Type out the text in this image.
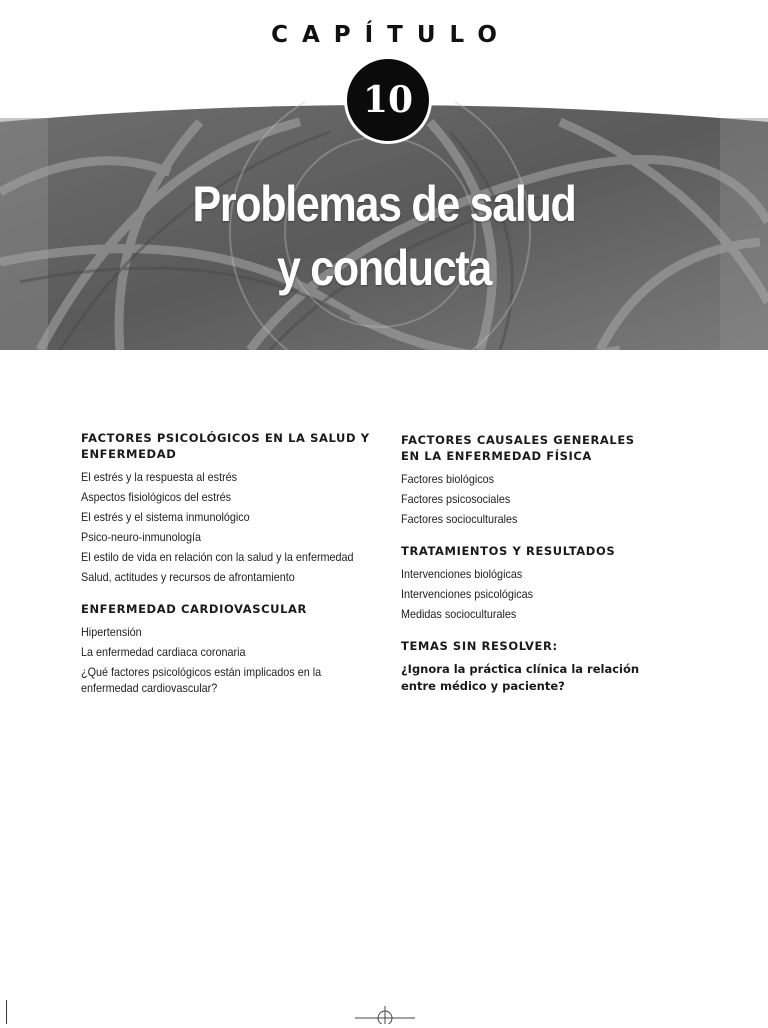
CAPÍTULO
10
Problemas de salud
y conducta
FACTORES PSICOLÓGICOS EN LA SALUD Y ENFERMEDAD
El estrés y la respuesta al estrés
Aspectos fisiológicos del estrés
El estrés y el sistema inmunológico
Psico-neuro-inmunología
El estilo de vida en relación con la salud y la enfermedad
Salud, actitudes y recursos de afrontamiento
ENFERMEDAD CARDIOVASCULAR
Hipertensión
La enfermedad cardiaca coronaria
¿Qué factores psicológicos están implicados en la enfermedad cardiovascular?
FACTORES CAUSALES GENERALES EN LA ENFERMEDAD FÍSICA
Factores biológicos
Factores psicosociales
Factores socioculturales
TRATAMIENTOS Y RESULTADOS
Intervenciones biológicas
Intervenciones psicológicas
Medidas socioculturales
TEMAS SIN RESOLVER:
¿Ignora la práctica clínica la relación entre médico y paciente?
